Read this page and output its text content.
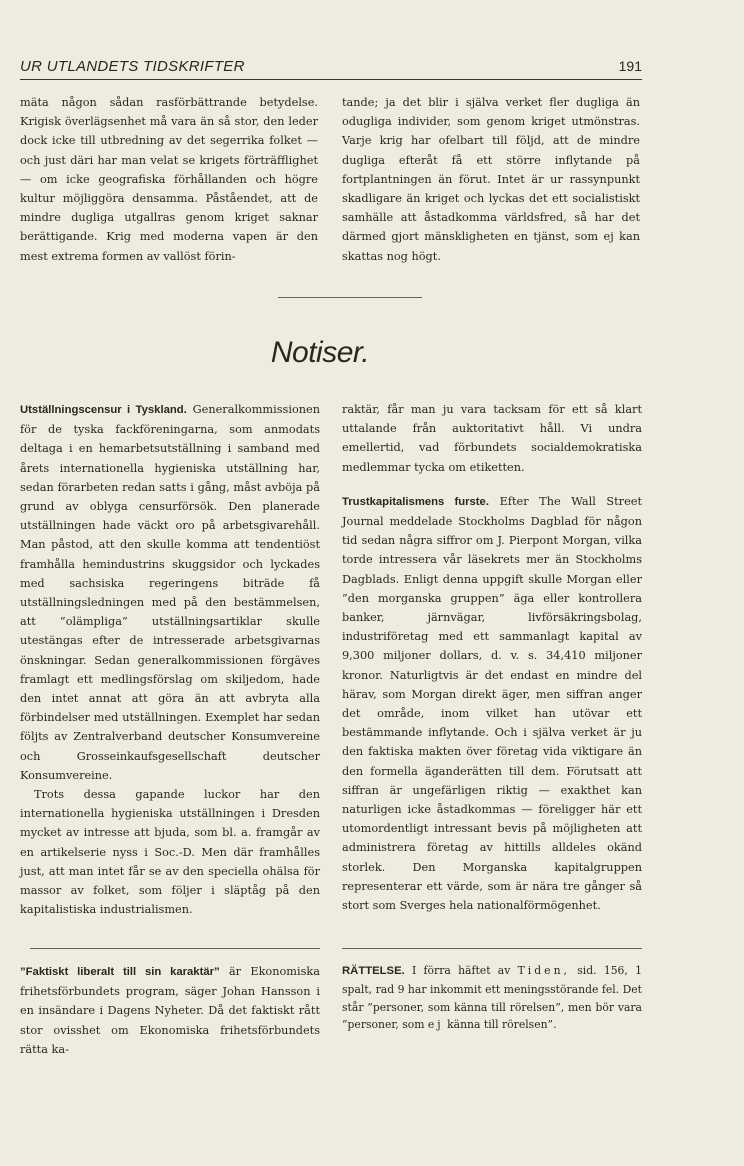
UR UTLANDETS TIDSKRIFTER	191

mäta någon sådan rasförbättrande betydelse. Krigisk överlägsenhet må vara än så stor, den leder dock icke till utbredning av det segerrika folket — och just däri har man velat se krigets förträfflighet — om icke geografiska förhållanden och högre kultur möjliggöra densamma. Påståendet, att de mindre dugliga utgallras genom kriget saknar berättigande. Krig med moderna vapen är den mest extrema formen av vallöst förin-

tande; ja det blir i själva verket fler dugliga än odugliga individer, som genom kriget utmönstras. Varje krig har ofelbart till följd, att de mindre dugliga efteråt få ett större inflytande på fortplantningen än förut. Intet är ur rassynpunkt skadligare än kriget och lyckas det ett socialistiskt samhälle att åstadkomma världsfred, så har det därmed gjort mänskligheten en tjänst, som ej kan skattas nog högt.

Notiser.

Utställningscensur i Tyskland. Generalkommissionen för de tyska fackföreningarna, som anmodats deltaga i en hemarbetsutställning i samband med årets internationella hygieniska utställning har, sedan förarbeten redan satts i gång, måst avböja på grund av oblyga censurförsök. Den planerade utställningen hade väckt oro på arbetsgivarehåll. Man påstod, att den skulle komma att tendentiöst framhålla hemindustrins skuggsidor och lyckades med sachsiska regeringens biträde få utställningsledningen med på den bestämmelsen, att ”olämpliga” utställningsartiklar skulle utestängas efter de intresserade arbetsgivarnas önskningar. Sedan generalkommissionen förgäves framlagt ett medlingsförslag om skiljedom, hade den intet annat att göra än att avbryta alla förbindelser med utställningen. Exemplet har sedan följts av Zentralverband deutscher Konsumvereine och Grosseinkaufsgesellschaft deutscher Konsumvereine.

Trots dessa gapande luckor har den internationella hygieniska utställningen i Dresden mycket av intresse att bjuda, som bl. a. framgår av en artikelserie nyss i Soc.-D. Men där framhålles just, att man intet får se av den speciella ohälsa för massor av folket, som följer i släptåg på den kapitalistiska industrialismen.

raktär, får man ju vara tacksam för ett så klart uttalande från auktoritativt håll. Vi undra emellertid, vad förbundets socialdemokratiska medlemmar tycka om etiketten.

Trustkapitalismens furste. Efter The Wall Street Journal meddelade Stockholms Dagblad för någon tid sedan några siffror om J. Pierpont Morgan, vilka torde intressera vår läsekrets mer än Stockholms Dagblads. Enligt denna uppgift skulle Morgan eller ”den morganska gruppen” äga eller kontrollera banker, järnvägar, livförsäkringsbolag, industriföretag med ett sammanlagt kapital av 9,300 miljoner dollars, d. v. s. 34,410 miljoner kronor. Naturligtvis är det endast en mindre del härav, som Morgan direkt äger, men siffran anger det område, inom vilket han utövar ett bestämmande inflytande. Och i själva verket är ju den faktiska makten över företag vida viktigare än den formella äganderätten till dem. Förutsatt att siffran är ungefärligen riktig — exakthet kan naturligen icke åstadkommas — föreligger här ett utomordentligt intressant bevis på möjligheten att administrera företag av hittills alldeles okänd storlek. Den Morganska kapitalgruppen representerar ett värde, som är nära tre gånger så stort som Sverges hela nationalförmögenhet.

”Faktiskt liberalt till sin karaktär” är Ekonomiska frihetsförbundets program, säger Johan Hansson i en insändare i Dagens Nyheter. Då det faktiskt rått stor ovisshet om Ekonomiska frihetsförbundets rätta ka-

RÄTTELSE. I förra häftet av Tiden, sid. 156, 1 spalt, rad 9 har inkommit ett meningsstörande fel. Det står ”personer, som känna till rörelsen”, men bör vara ”personer, som ej känna till rörelsen”.
